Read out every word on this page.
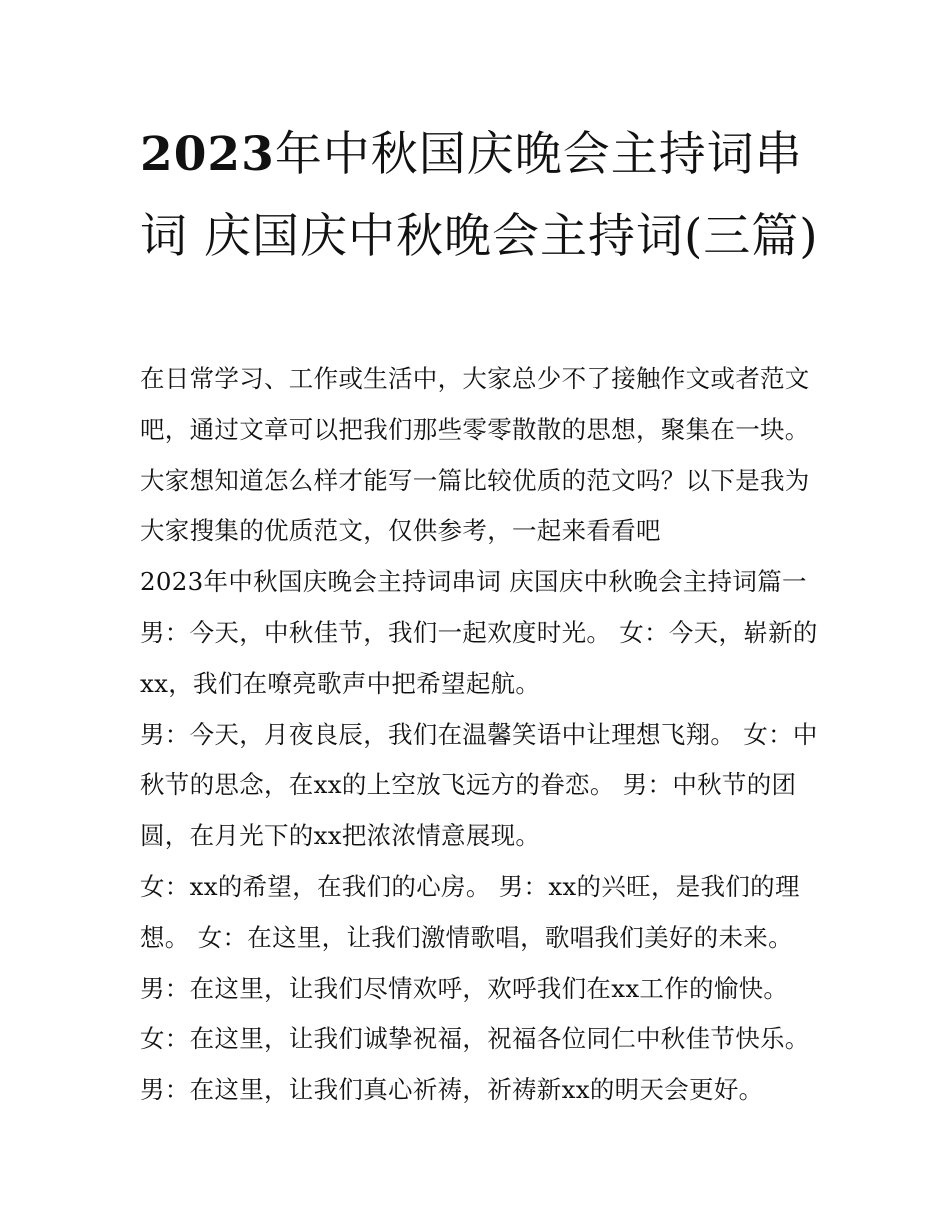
2023年中秋国庆晚会主持词串词 庆国庆中秋晚会主持词(三篇)

在日常学习、工作或生活中，大家总少不了接触作文或者范文吧，通过文章可以把我们那些零零散散的思想，聚集在一块。大家想知道怎么样才能写一篇比较优质的范文吗？以下是我为大家搜集的优质范文，仅供参考，一起来看看吧

2023年中秋国庆晚会主持词串词 庆国庆中秋晚会主持词篇一

男：今天，中秋佳节，我们一起欢度时光。 女：今天，崭新的xx，我们在嘹亮歌声中把希望起航。

男：今天，月夜良辰，我们在温馨笑语中让理想飞翔。 女：中秋节的思念，在xx的上空放飞远方的眷恋。 男：中秋节的团圆，在月光下的xx把浓浓情意展现。

女：xx的希望，在我们的心房。 男：xx的兴旺，是我们的理想。 女：在这里，让我们激情歌唱，歌唱我们美好的未来。

男：在这里，让我们尽情欢呼，欢呼我们在xx工作的愉快。

女：在这里，让我们诚挚祝福，祝福各位同仁中秋佳节快乐。

男：在这里，让我们真心祈祷，祈祷新xx的明天会更好。
